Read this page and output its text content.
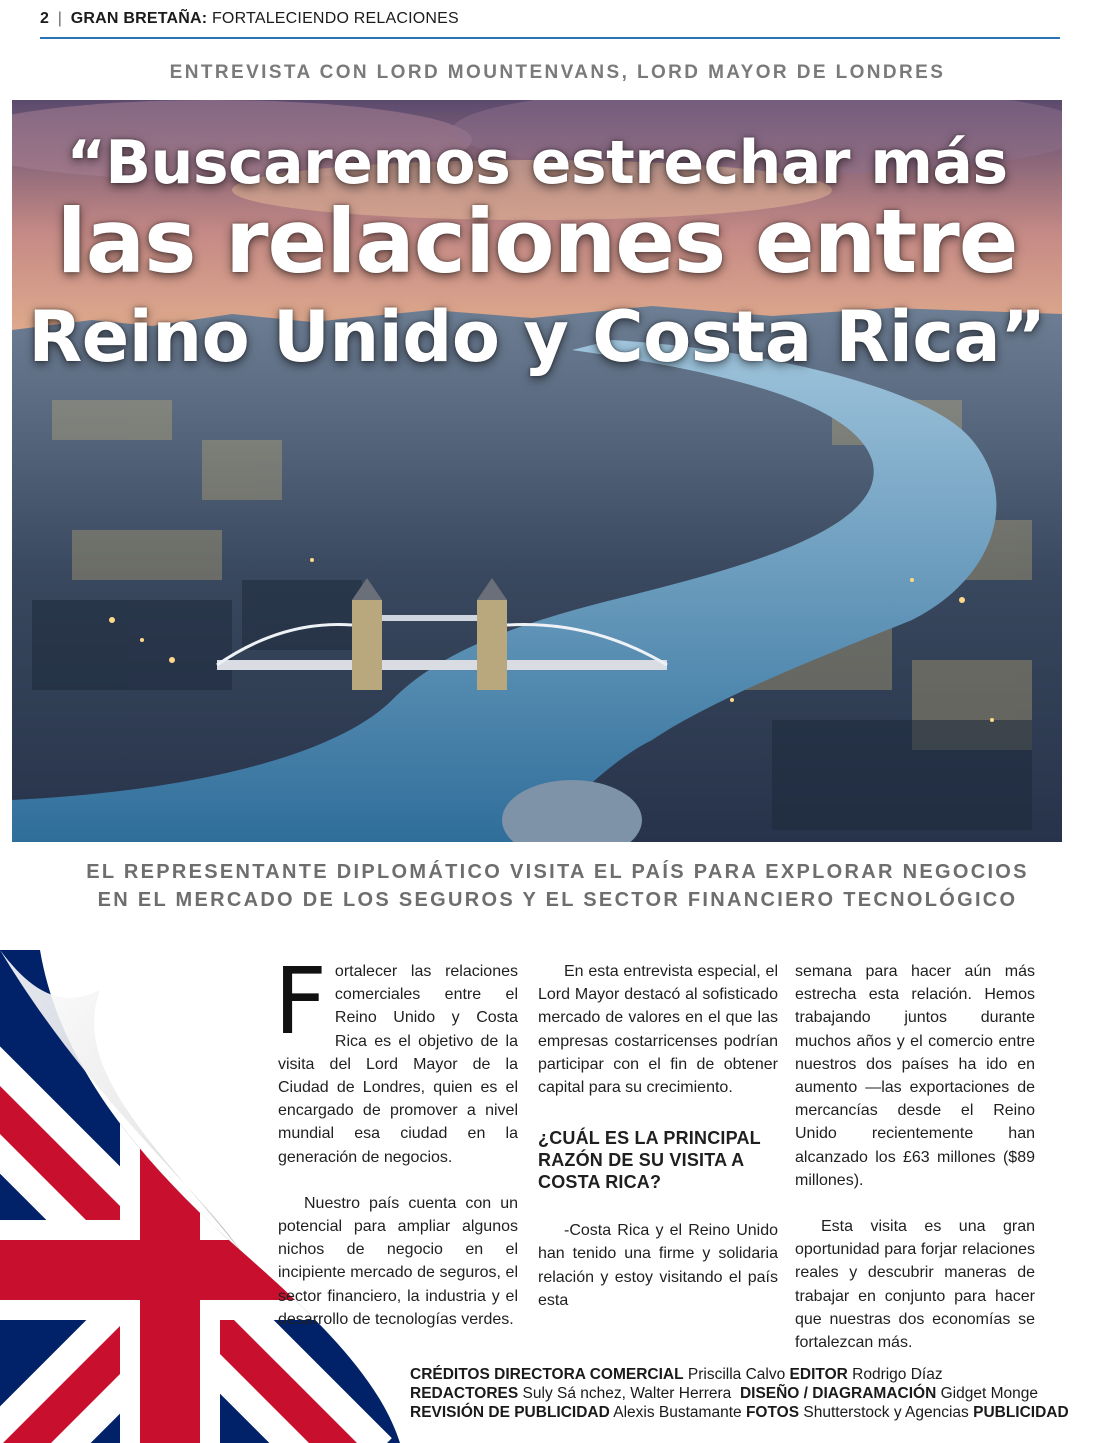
2 | GRAN BRETAÑA: FORTALECIENDO RELACIONES
ENTREVISTA CON LORD MOUNTENVANS, LORD MAYOR DE LONDRES
“Buscaremos estrechar más
las relaciones entre
Reino Unido y Costa Rica”
EL REPRESENTANTE DIPLOMÁTICO VISITA EL PAÍS PARA EXPLORAR NEGOCIOS
EN EL MERCADO DE LOS SEGUROS Y EL SECTOR FINANCIERO TECNOLÓGICO

Fortalecer las relaciones comerciales entre el Reino Unido y Costa Rica es el objetivo de la visita del Lord Mayor de la Ciudad de Londres, quien es el encargado de promover a nivel mundial esa ciudad en la generación de negocios.

Nuestro país cuenta con un potencial para ampliar algunos nichos de negocio en el incipiente mercado de seguros, el sector financiero, la industria y el desarrollo de tecnologías verdes.

En esta entrevista especial, el Lord Mayor destacó al sofisticado mercado de valores en el que las empresas costarricenses podrían participar con el fin de obtener capital para su crecimiento.

¿CUÁL ES LA PRINCIPAL RAZÓN DE SU VISITA A COSTA RICA?

-Costa Rica y el Reino Unido han tenido una firme y solidaria relación y estoy visitando el país esta

semana para hacer aún más estrecha esta relación. Hemos trabajando juntos durante muchos años y el comercio entre nuestros dos países ha ido en aumento —las exportaciones de mercancías desde el Reino Unido recientemente han alcanzado los £63 millones ($89 millones).

Esta visita es una gran oportunidad para forjar relaciones reales y descubrir maneras de trabajar en conjunto para hacer que nuestras dos economías se fortalezcan más.

CRÉDITOS DIRECTORA COMERCIAL Priscilla Calvo EDITOR Rodrigo Díaz
REDACTORES Suly Sá nchez, Walter Herrera DISEÑO / DIAGRAMACIÓN Gidget Monge
REVISIÓN DE PUBLICIDAD Alexis Bustamante FOTOS Shutterstock y Agencias PUBLICIDAD
